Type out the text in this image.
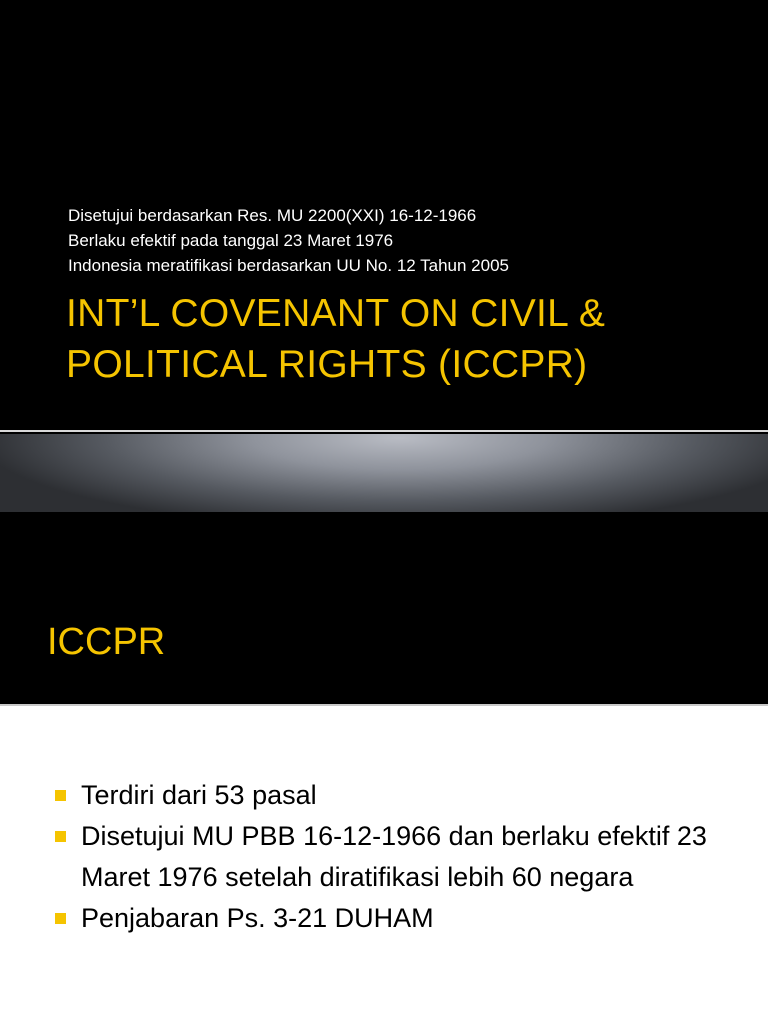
Disetujui berdasarkan Res. MU 2200(XXI) 16-12-1966
Berlaku efektif pada tanggal 23 Maret 1976
Indonesia meratifikasi berdasarkan UU No. 12 Tahun 2005
INT’L COVENANT ON CIVIL &
POLITICAL RIGHTS (ICCPR)
ICCPR
Terdiri dari 53 pasal
Disetujui MU PBB 16-12-1966 dan berlaku efektif 23 Maret 1976 setelah diratifikasi lebih 60 negara
Penjabaran Ps. 3-21 DUHAM
